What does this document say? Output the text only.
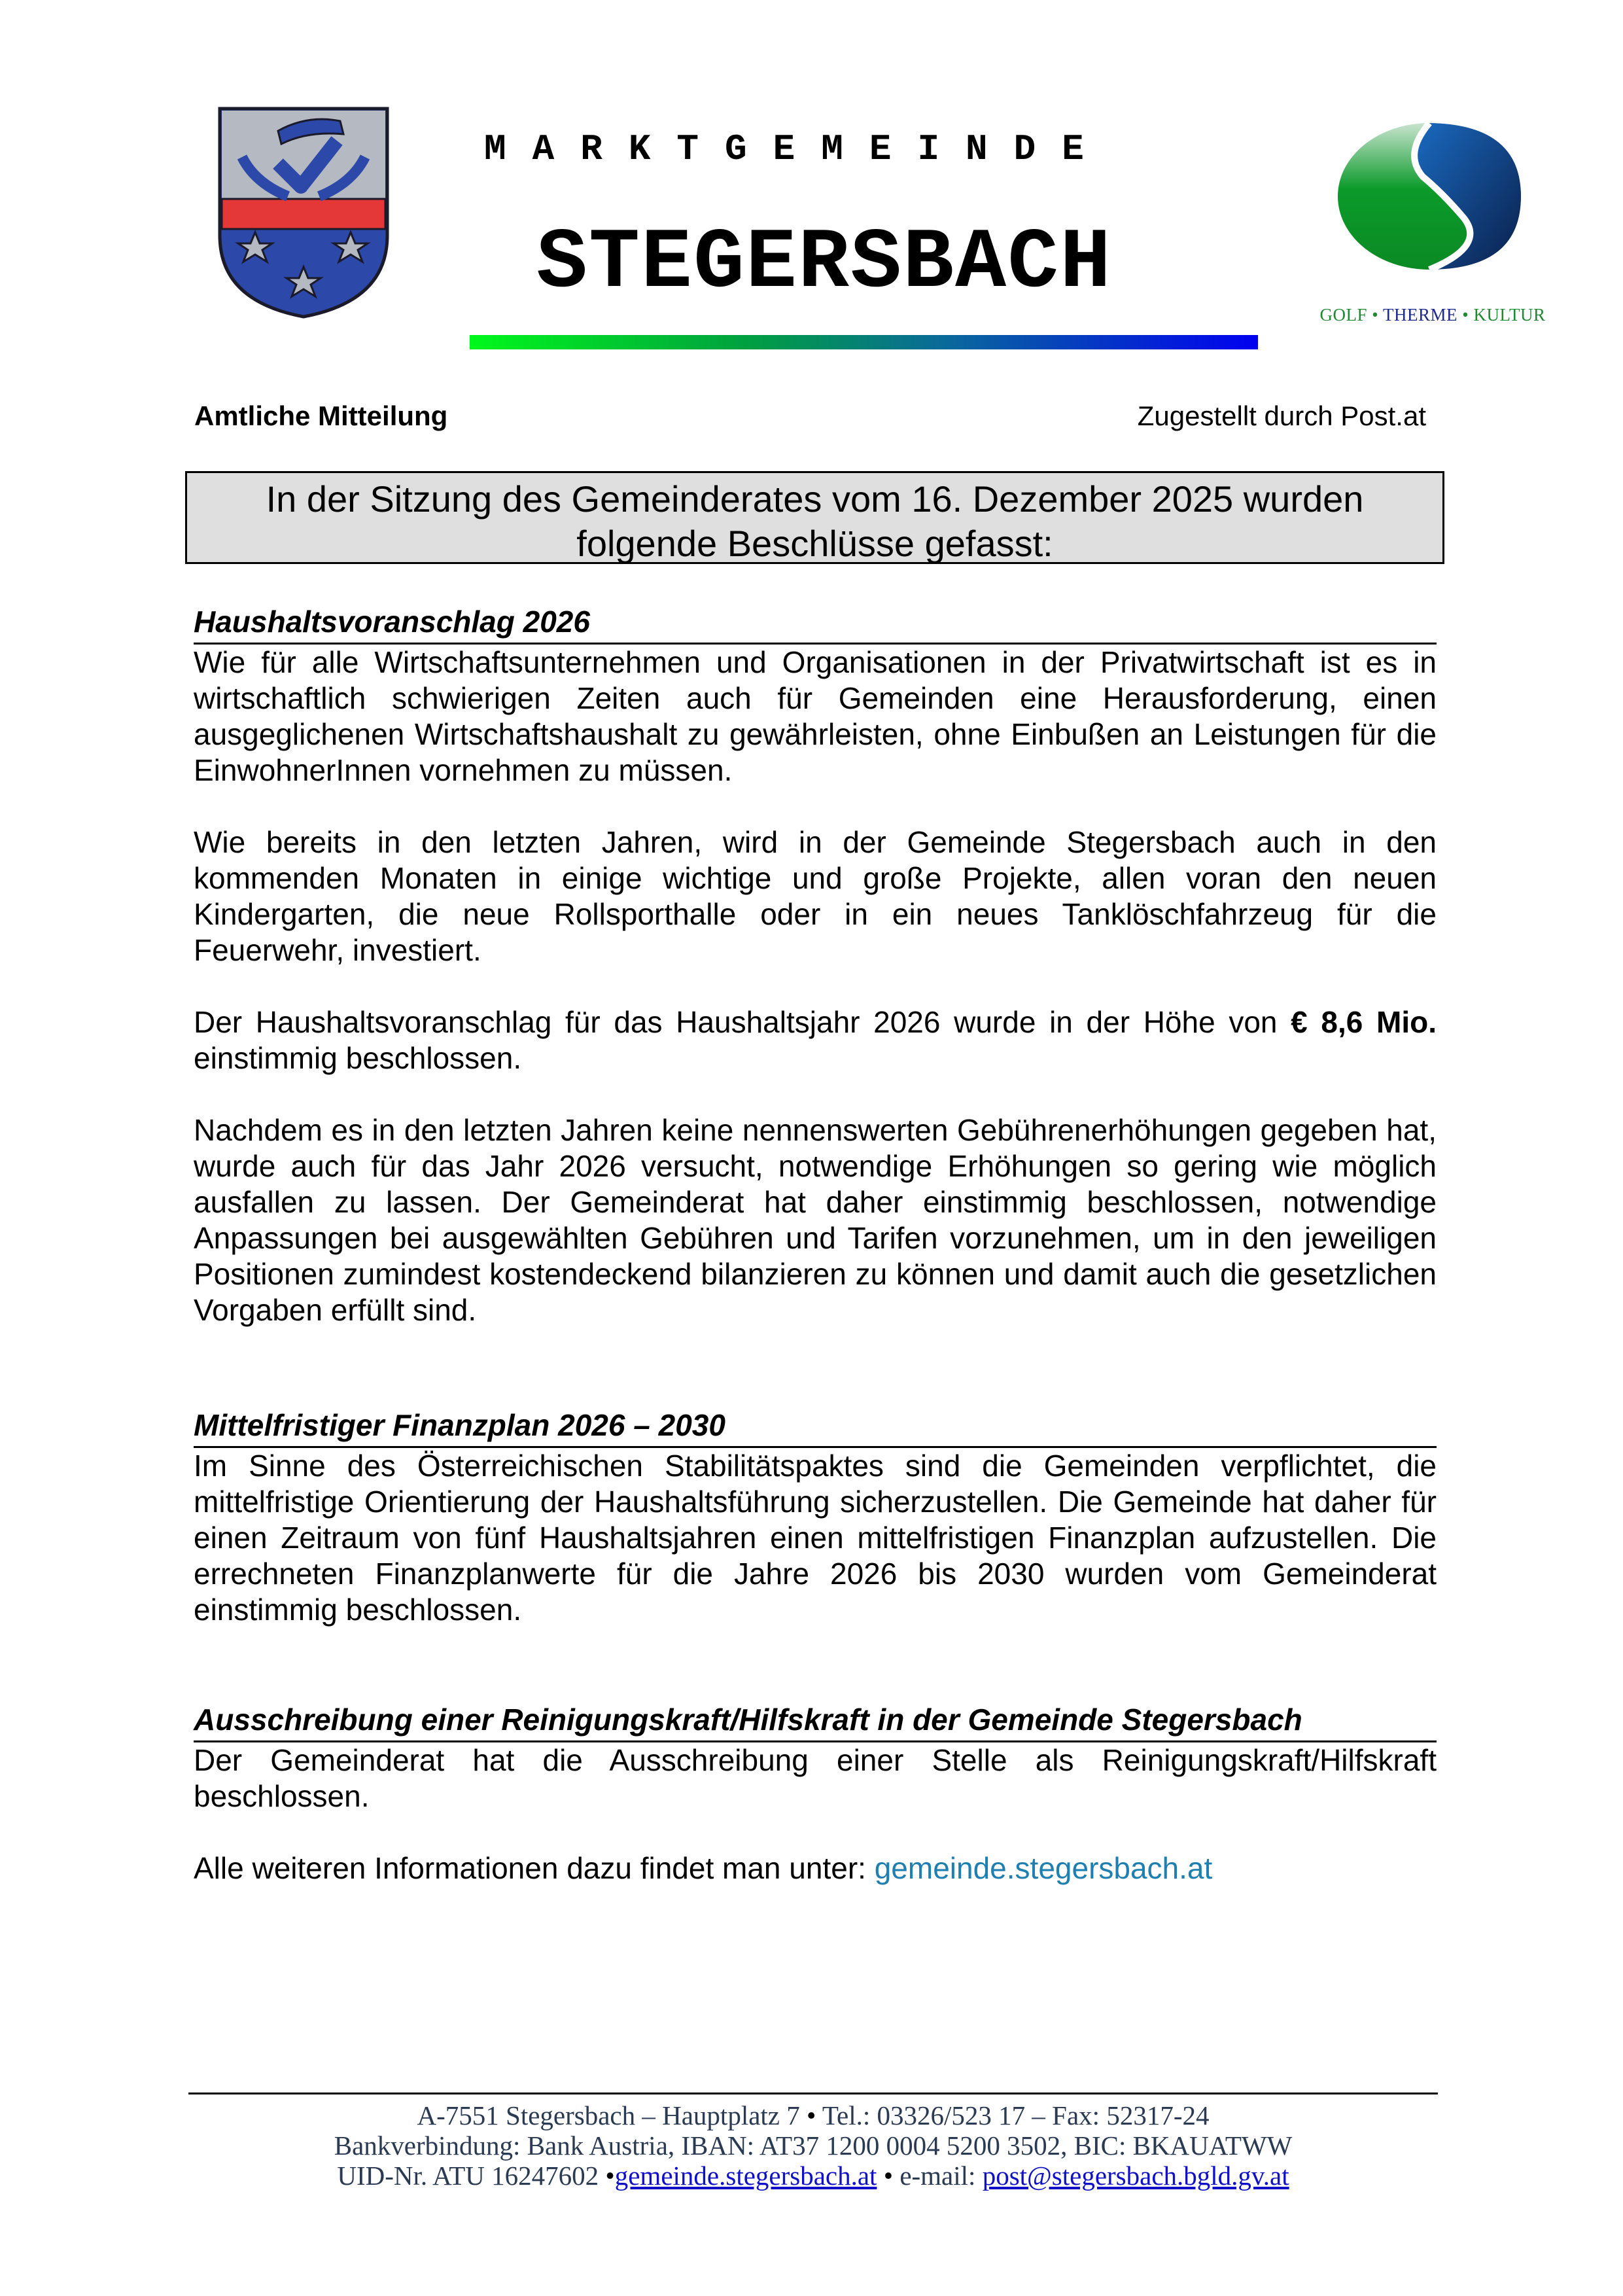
MARKTGEMEINDE
STEGERSBACH
GOLF • THERME • KULTUR
Amtliche Mitteilung	Zugestellt durch Post.at
In der Sitzung des Gemeinderates vom 16. Dezember 2025 wurden
folgende Beschlüsse gefasst:
Haushaltsvoranschlag 2026

Wie für alle Wirtschaftsunternehmen und Organisationen in der Privatwirtschaft ist es in wirtschaftlich schwierigen Zeiten auch für Gemeinden eine Herausforderung, einen ausgeglichenen Wirtschaftshaushalt zu gewährleisten, ohne Einbußen an Leistungen für die EinwohnerInnen vornehmen zu müssen.

Wie bereits in den letzten Jahren, wird in der Gemeinde Stegersbach auch in den kommenden Monaten in einige wichtige und große Projekte, allen voran den neuen Kindergarten, die neue Rollsporthalle oder in ein neues Tanklöschfahrzeug für die Feuerwehr, investiert.

Der Haushaltsvoranschlag für das Haushaltsjahr 2026 wurde in der Höhe von € 8,6 Mio. einstimmig beschlossen.

Nachdem es in den letzten Jahren keine nennenswerten Gebührenerhöhungen gegeben hat, wurde auch für das Jahr 2026 versucht, notwendige Erhöhungen so gering wie möglich ausfallen zu lassen. Der Gemeinderat hat daher einstimmig beschlossen, notwendige Anpassungen bei ausgewählten Gebühren und Tarifen vorzunehmen, um in den jeweiligen Positionen zumindest kostendeckend bilanzieren zu können und damit auch die gesetzlichen Vorgaben erfüllt sind.

Mittelfristiger Finanzplan 2026 – 2030

Im Sinne des Österreichischen Stabilitätspaktes sind die Gemeinden verpflichtet, die mittelfristige Orientierung der Haushaltsführung sicherzustellen. Die Gemeinde hat daher für einen Zeitraum von fünf Haushaltsjahren einen mittelfristigen Finanzplan aufzustellen. Die errechneten Finanzplanwerte für die Jahre 2026 bis 2030 wurden vom Gemeinderat einstimmig beschlossen.

Ausschreibung einer Reinigungskraft/Hilfskraft in der Gemeinde Stegersbach

Der Gemeinderat hat die Ausschreibung einer Stelle als Reinigungskraft/Hilfskraft beschlossen.

Alle weiteren Informationen dazu findet man unter: gemeinde.stegersbach.at

A-7551 Stegersbach – Hauptplatz 7 • Tel.: 03326/523 17 – Fax: 52317-24
Bankverbindung: Bank Austria, IBAN: AT37 1200 0004 5200 3502, BIC: BKAUATWW
UID-Nr. ATU 16247602 •gemeinde.stegersbach.at • e-mail: post@stegersbach.bgld.gv.at
